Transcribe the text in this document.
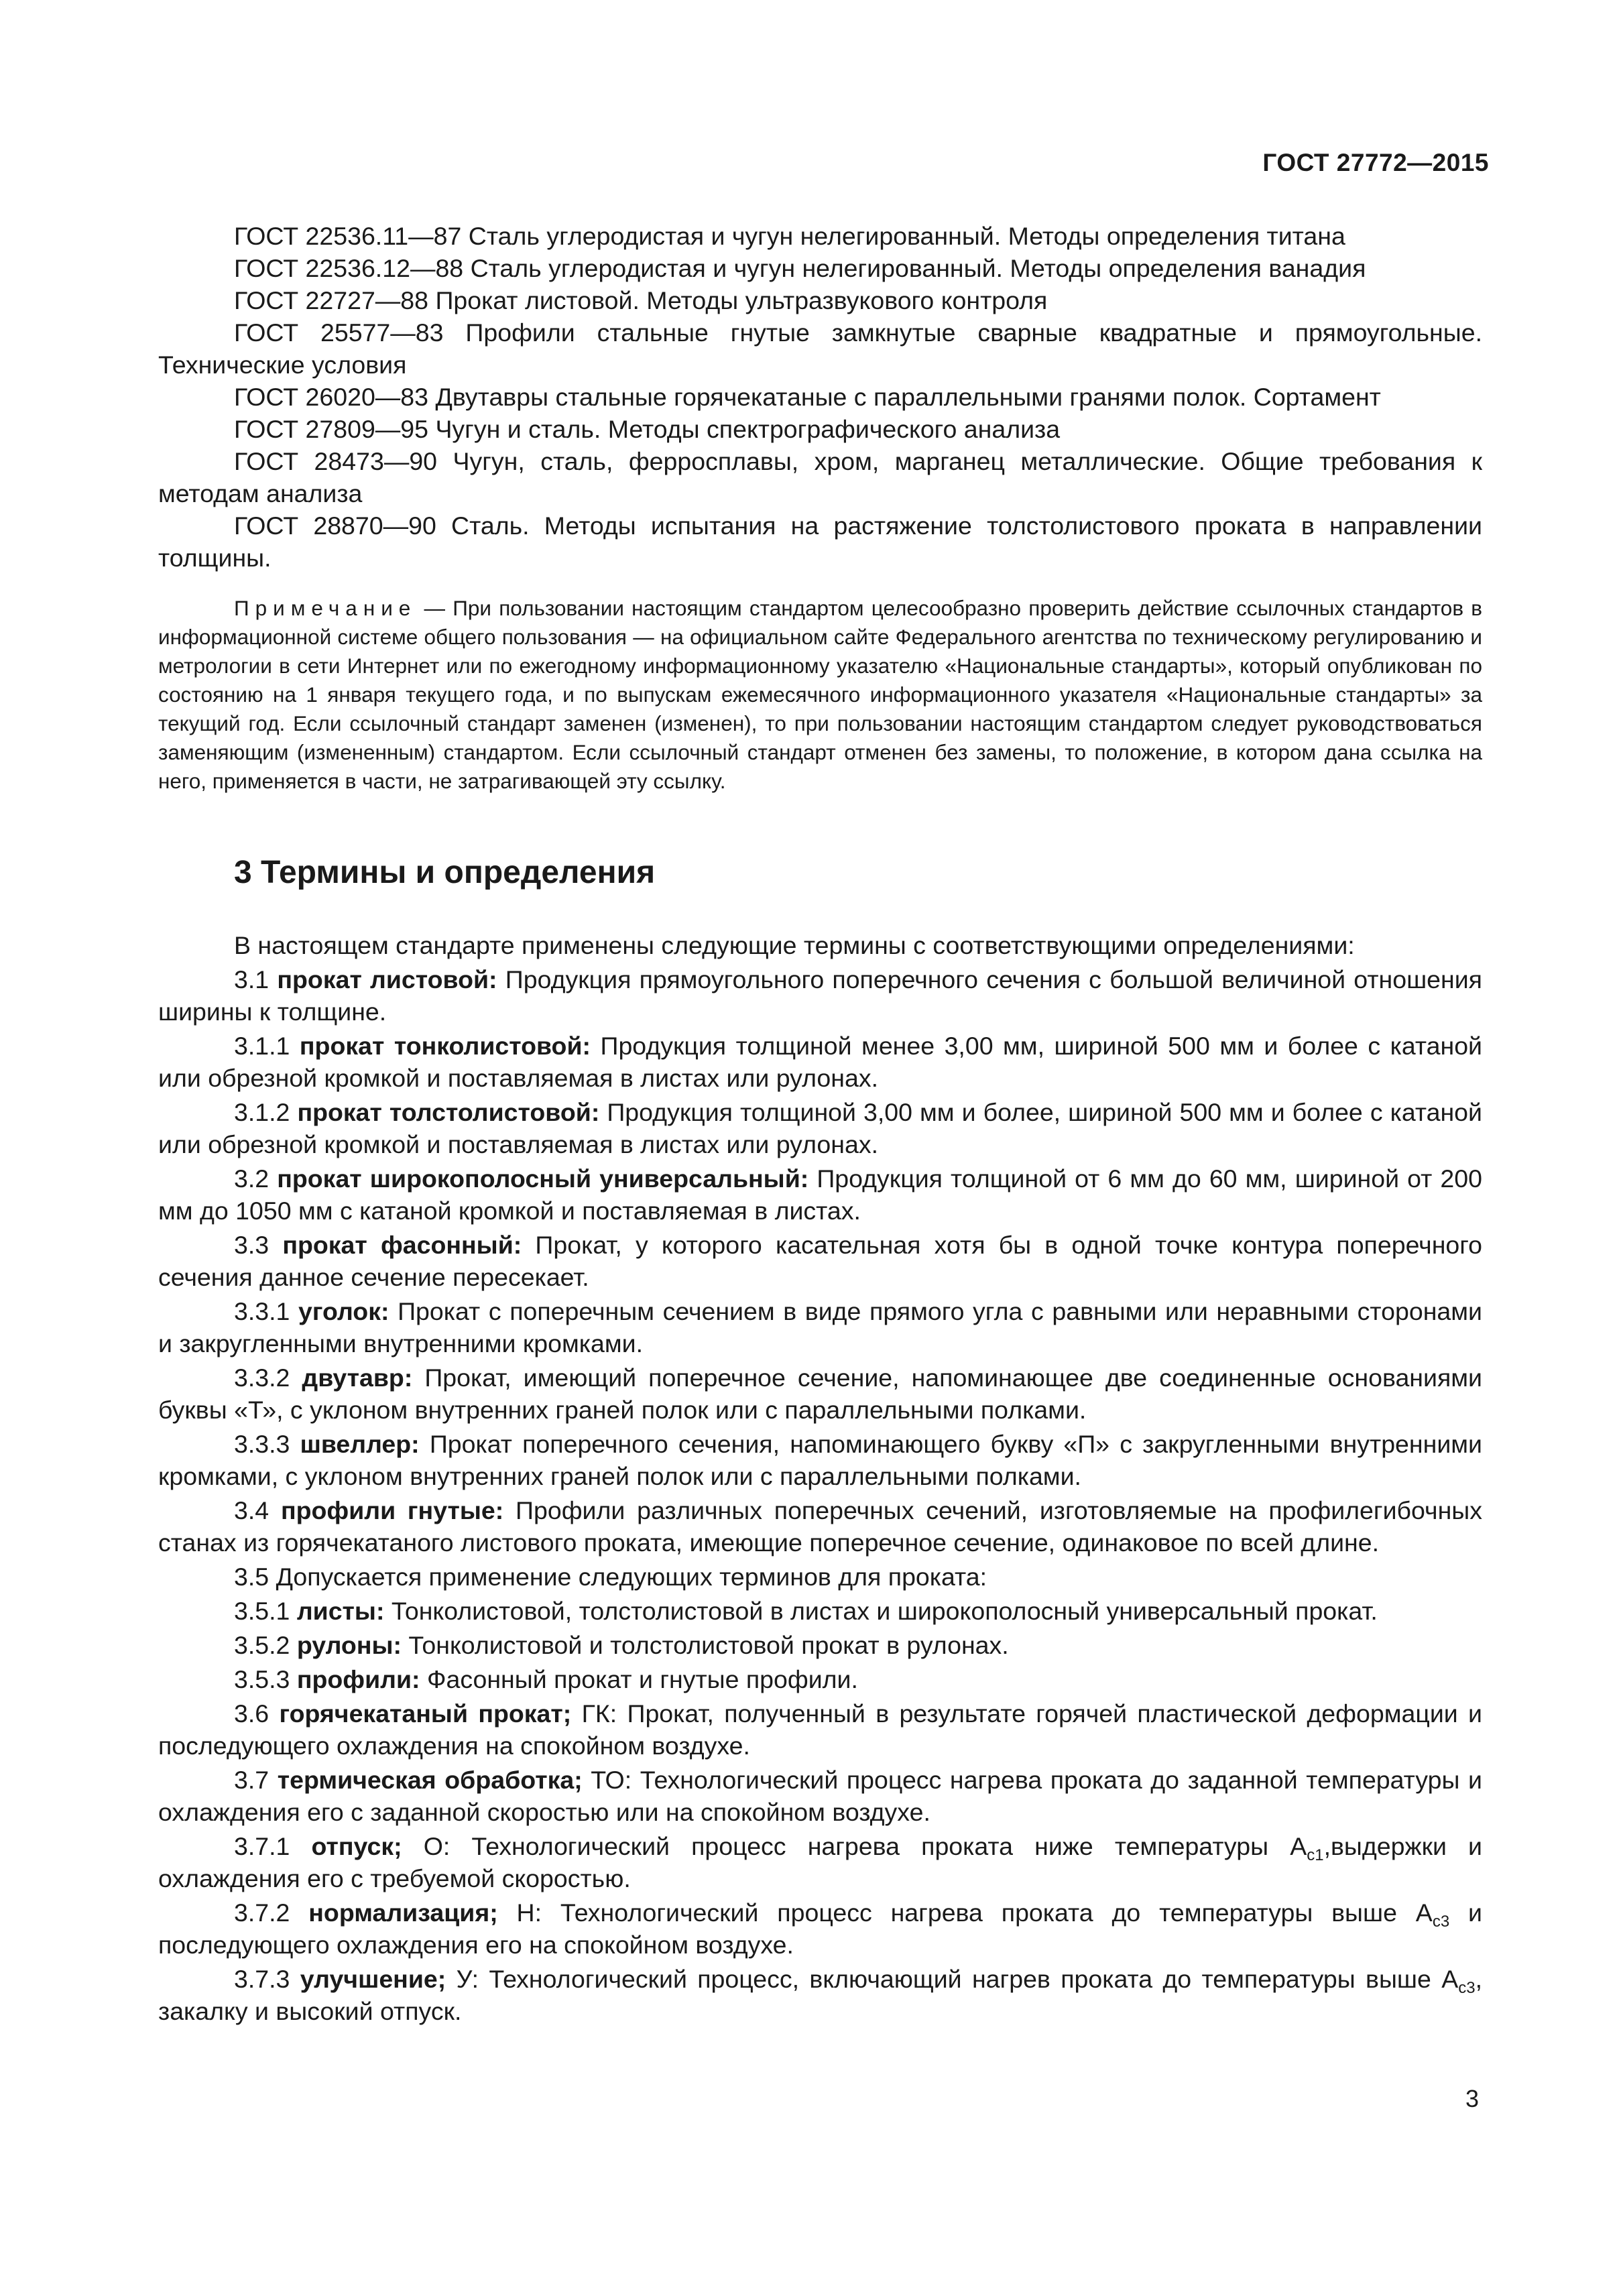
ГОСТ 27772—2015

ГОСТ 22536.11—87 Сталь углеродистая и чугун нелегированный. Методы определения титана

ГОСТ 22536.12—88 Сталь углеродистая и чугун нелегированный. Методы определения ванадия

ГОСТ 22727—88 Прокат листовой. Методы ультразвукового контроля

ГОСТ 25577—83 Профили стальные гнутые замкнутые сварные квадратные и прямоугольные. Технические условия

ГОСТ 26020—83 Двутавры стальные горячекатаные с параллельными гранями полок. Сортамент

ГОСТ 27809—95 Чугун и сталь. Методы спектрографического анализа

ГОСТ 28473—90 Чугун, сталь, ферросплавы, хром, марганец металлические. Общие требования к методам анализа

ГОСТ 28870—90 Сталь. Методы испытания на растяжение толстолистового проката в направлении толщины.

Примечание — При пользовании настоящим стандартом целесообразно проверить действие ссылочных стандартов в информационной системе общего пользования — на официальном сайте Федерального агентства по техническому регулированию и метрологии в сети Интернет или по ежегодному информационному указателю «Национальные стандарты», который опубликован по состоянию на 1 января текущего года, и по выпускам ежемесячного информационного указателя «Национальные стандарты» за текущий год. Если ссылочный стандарт заменен (изменен), то при пользовании настоящим стандартом следует руководствоваться заменяющим (измененным) стандартом. Если ссылочный стандарт отменен без замены, то положение, в котором дана ссылка на него, применяется в части, не затрагивающей эту ссылку.

3 Термины и определения

В настоящем стандарте применены следующие термины с соответствующими определениями:

3.1 прокат листовой: Продукция прямоугольного поперечного сечения с большой величиной отношения ширины к толщине.

3.1.1 прокат тонколистовой: Продукция толщиной менее 3,00 мм, шириной 500 мм и более с катаной или обрезной кромкой и поставляемая в листах или рулонах.

3.1.2 прокат толстолистовой: Продукция толщиной 3,00 мм и более, шириной 500 мм и более с катаной или обрезной кромкой и поставляемая в листах или рулонах.

3.2 прокат широкополосный универсальный: Продукция толщиной от 6 мм до 60 мм, шириной от 200 мм до 1050 мм с катаной кромкой и поставляемая в листах.

3.3 прокат фасонный: Прокат, у которого касательная хотя бы в одной точке контура поперечного сечения данное сечение пересекает.

3.3.1 уголок: Прокат с поперечным сечением в виде прямого угла с равными или неравными сторонами и закругленными внутренними кромками.

3.3.2 двутавр: Прокат, имеющий поперечное сечение, напоминающее две соединенные основаниями буквы «Т», с уклоном внутренних граней полок или с параллельными полками.

3.3.3 швеллер: Прокат поперечного сечения, напоминающего букву «П» с закругленными внутренними кромками, с уклоном внутренних граней полок или с параллельными полками.

3.4 профили гнутые: Профили различных поперечных сечений, изготовляемые на профилегибочных станах из горячекатаного листового проката, имеющие поперечное сечение, одинаковое по всей длине.

3.5 Допускается применение следующих терминов для проката:

3.5.1 листы: Тонколистовой, толстолистовой в листах и широкополосный универсальный прокат.

3.5.2 рулоны: Тонколистовой и толстолистовой прокат в рулонах.

3.5.3 профили: Фасонный прокат и гнутые профили.

3.6 горячекатаный прокат; ГК: Прокат, полученный в результате горячей пластической деформации и последующего охлаждения на спокойном воздухе.

3.7 термическая обработка; ТО: Технологический процесс нагрева проката до заданной температуры и охлаждения его с заданной скоростью или на спокойном воздухе.

3.7.1 отпуск; О: Технологический процесс нагрева проката ниже температуры $A_{c1},выдержки$ и охлаждения его с требуемой скоростью.

3.7.2 нормализация; Н: Технологический процесс нагрева проката до температуры выше $A_{c3}$ и последующего охлаждения его на спокойном воздухе.

3.7.3 улучшение; У: Технологический процесс, включающий нагрев проката до температуры выше $A_{c3}$, закалку и высокий отпуск.

3
